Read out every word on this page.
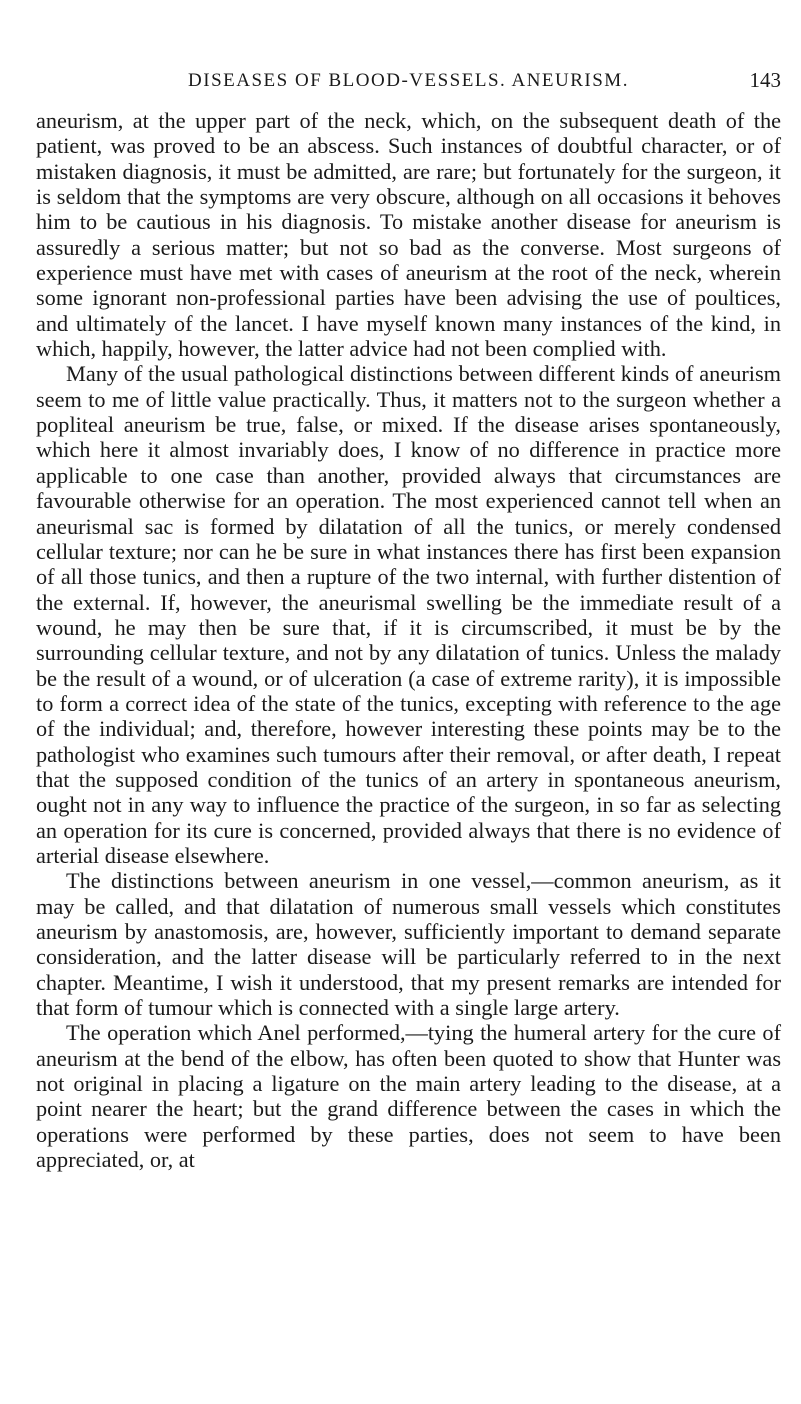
DISEASES OF BLOOD-VESSELS. ANEURISM.	143

aneurism, at the upper part of the neck, which, on the subsequent death of the patient, was proved to be an abscess. Such instances of doubtful character, or of mistaken diagnosis, it must be admitted, are rare; but fortunately for the surgeon, it is seldom that the symptoms are very obscure, although on all occasions it behoves him to be cautious in his diagnosis. To mistake another disease for aneurism is assuredly a serious matter; but not so bad as the converse. Most surgeons of experience must have met with cases of aneurism at the root of the neck, wherein some ignorant non-professional parties have been advising the use of poultices, and ultimately of the lancet. I have myself known many instances of the kind, in which, happily, however, the latter advice had not been complied with.

Many of the usual pathological distinctions between different kinds of aneurism seem to me of little value practically. Thus, it matters not to the surgeon whether a popliteal aneurism be true, false, or mixed. If the disease arises spontaneously, which here it almost invariably does, I know of no difference in practice more applicable to one case than another, provided always that circumstances are favourable otherwise for an operation. The most experienced cannot tell when an aneurismal sac is formed by dilatation of all the tunics, or merely condensed cellular texture; nor can he be sure in what instances there has first been expansion of all those tunics, and then a rupture of the two internal, with further distention of the external. If, however, the aneurismal swelling be the immediate result of a wound, he may then be sure that, if it is circumscribed, it must be by the surrounding cellular texture, and not by any dilatation of tunics. Unless the malady be the result of a wound, or of ulceration (a case of extreme rarity), it is impossible to form a correct idea of the state of the tunics, excepting with reference to the age of the individual; and, therefore, however interesting these points may be to the pathologist who examines such tumours after their removal, or after death, I repeat that the supposed condition of the tunics of an artery in spontaneous aneurism, ought not in any way to influence the practice of the surgeon, in so far as selecting an operation for its cure is concerned, provided always that there is no evidence of arterial disease elsewhere.

The distinctions between aneurism in one vessel,—common aneurism, as it may be called, and that dilatation of numerous small vessels which constitutes aneurism by anastomosis, are, however, sufficiently important to demand separate consideration, and the latter disease will be particularly referred to in the next chapter. Meantime, I wish it understood, that my present remarks are intended for that form of tumour which is connected with a single large artery.

The operation which Anel performed,—tying the humeral artery for the cure of aneurism at the bend of the elbow, has often been quoted to show that Hunter was not original in placing a ligature on the main artery leading to the disease, at a point nearer the heart; but the grand difference between the cases in which the operations were performed by these parties, does not seem to have been appreciated, or, at
